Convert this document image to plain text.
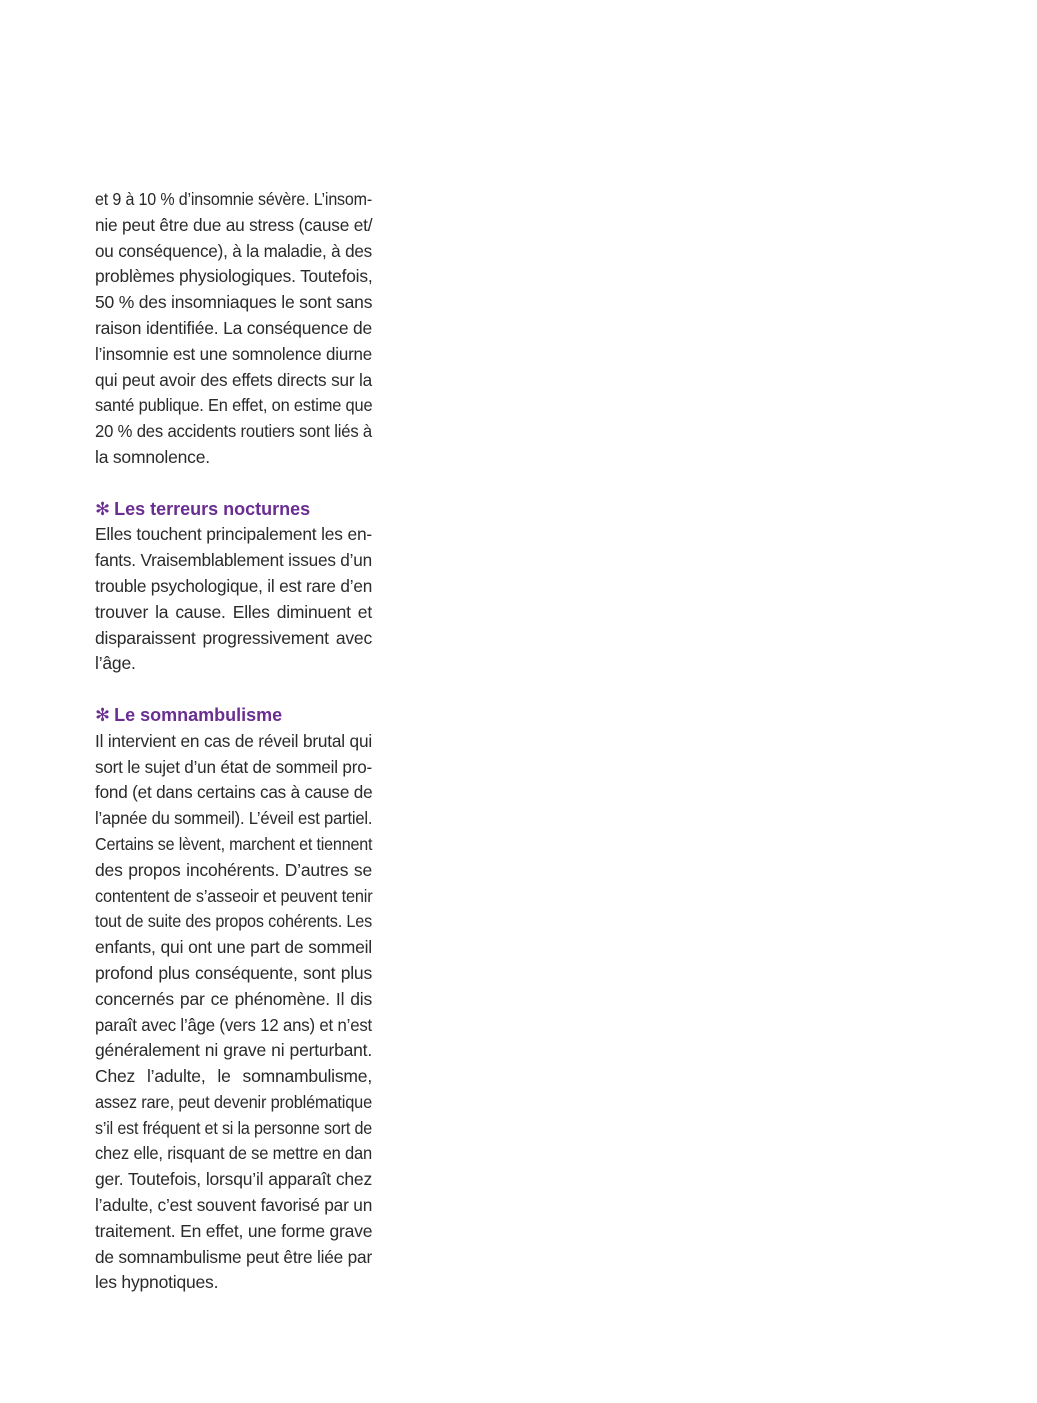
et 9 à 10 % d’insomnie sévère. L’insom-
nie peut être due au stress (cause et/
ou conséquence), à la maladie, à des
problèmes physiologiques. Toutefois,
50 % des insomniaques le sont sans
raison identifiée. La conséquence de
l’insomnie est une somnolence diurne
qui peut avoir des effets directs sur la
santé publique. En effet, on estime que
20 % des accidents routiers sont liés à
la somnolence.
✻ Les terreurs nocturnes
Elles touchent principalement les en-
fants. Vraisemblablement issues d’un
trouble psychologique, il est rare d’en
trouver la cause. Elles diminuent et
disparaissent progressivement avec
l’âge.
✻ Le somnambulisme
Il intervient en cas de réveil brutal qui
sort le sujet d’un état de sommeil pro-
fond (et dans certains cas à cause de
l’apnée du sommeil). L’éveil est partiel.
Certains se lèvent, marchent et tiennent
des propos incohérents. D’autres se
contentent de s’asseoir et peuvent tenir
tout de suite des propos cohérents. Les
enfants, qui ont une part de sommeil
profond plus conséquente, sont plus
concernés par ce phénomène. Il dis
paraît avec l’âge (vers 12 ans) et n’est
généralement ni grave ni perturbant.
Chez l’adulte, le somnambulisme,
assez rare, peut devenir problématique
s’il est fréquent et si la personne sort de
chez elle, risquant de se mettre en dan
ger. Toutefois, lorsqu’il apparaît chez
l’adulte, c’est souvent favorisé par un
traitement. En effet, une forme grave
de somnambulisme peut être liée par
les hypnotiques.
